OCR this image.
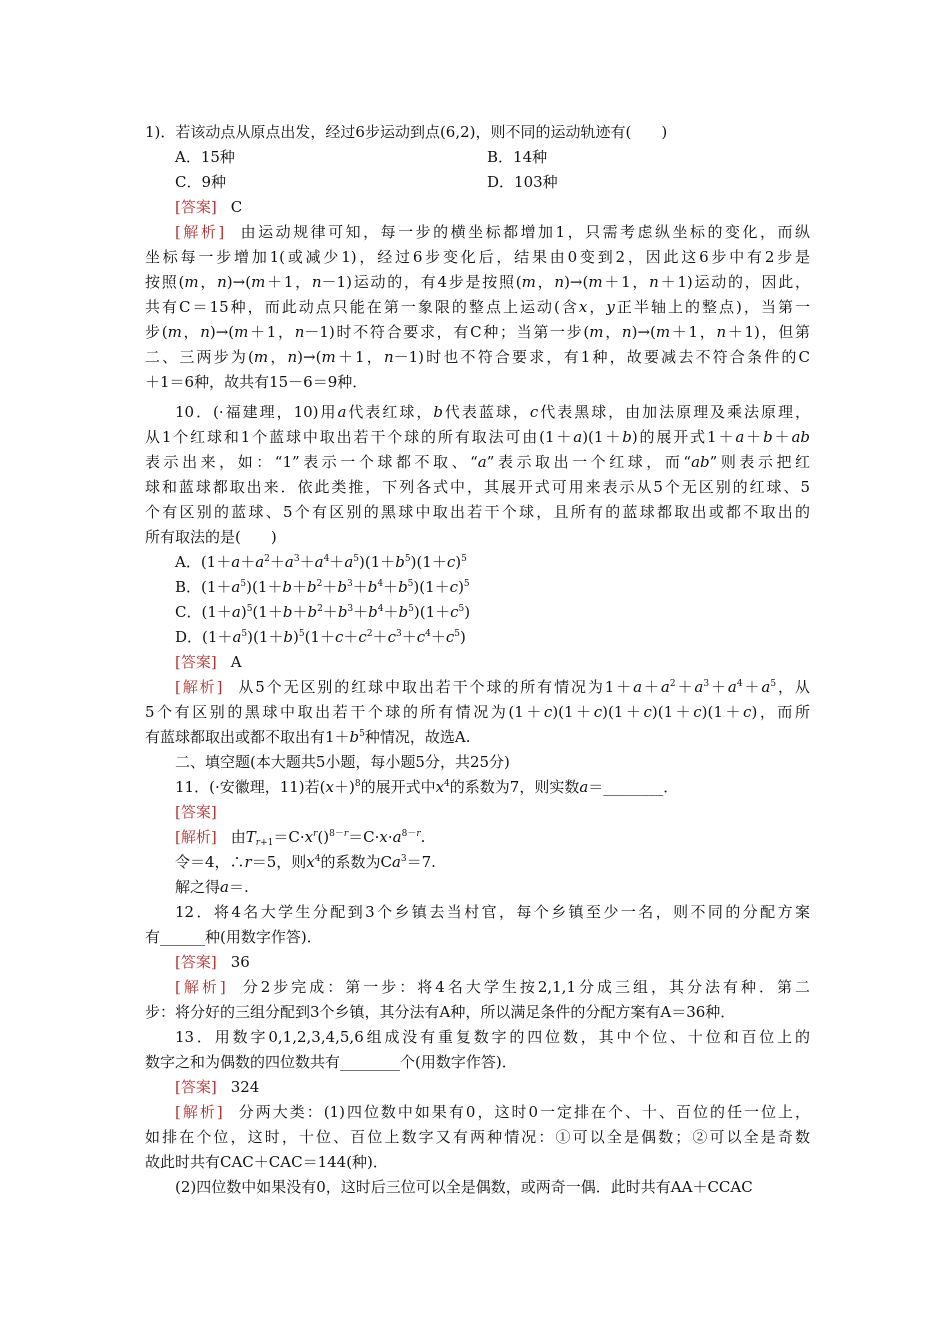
1)．若该动点从原点出发，经过6步运动到点(6,2)，则不同的运动轨迹有(　　)
A．15种	B．14种
C．9种	D．103种
[答案] C
[解析] 由运动规律可知，每一步的横坐标都增加1，只需考虑纵坐标的变化，而纵
坐标每一步增加1(或减少1)，经过6步变化后，结果由0变到2，因此这6步中有2步是
按照(m，n)→(m＋1，n－1)运动的，有4步是按照(m，n)→(m＋1，n＋1)运动的，因此，
共有C＝15种，而此动点只能在第一象限的整点上运动(含x，y正半轴上的整点)，当第一
步(m，n)→(m＋1，n－1)时不符合要求，有C种；当第一步(m，n)→(m＋1，n＋1)，但第
二、三两步为(m，n)→(m＋1，n－1)时也不符合要求，有1种，故要减去不符合条件的C
＋1＝6种，故共有15－6＝9种．
10．(·福建理，10)用a代表红球，b代表蓝球，c代表黑球，由加法原理及乘法原理，
从1个红球和1个蓝球中取出若干个球的所有取法可由(1＋a)(1＋b)的展开式1＋a＋b＋ab
表示出来，如：“1”表示一个球都不取、“a”表示取出一个红球，而“ab”则表示把红
球和蓝球都取出来．依此类推，下列各式中，其展开式可用来表示从5个无区别的红球、5
个有区别的蓝球、5个有区别的黑球中取出若干个球，且所有的蓝球都取出或都不取出的
所有取法的是(　　)
A．$(1+a+a^2+a^3+a^4+a^5)(1+b^5)(1+c)^5$
B．$(1+a^5)(1+b+b^2+b^3+b^4+b^5)(1+c)^5$
C．$(1+a)^5(1+b+b^2+b^3+b^4+b^5)(1+c^5)$
D．$(1+a^5)(1+b)^5(1+c+c^2+c^3+c^4+c^5)$
[答案] A
[解析] 从5个无区别的红球中取出若干个球的所有情况为$1+a+a^2+a^3+a^4+a^5$，从
5个有区别的黑球中取出若干个球的所有情况为(1＋c)(1＋c)(1＋c)(1＋c)(1＋c)，而所
有蓝球都取出或都不取出有$1+b^5$种情况，故选A.
二、填空题(本大题共5小题，每小题5分，共25分)
11．(·安徽理，11)若$(x+)^8$的展开式中$x^4$的系数为7，则实数a＝________．
[答案]
[解析] 由$T_{r+1}=C\cdot x^r()^{8-r}=C\cdot x\cdot a^{8-r}$.
令＝4，∴r＝5，则$x^4$的系数为$Ca^3=7$.
解之得a＝.
12．将4名大学生分配到3个乡镇去当村官，每个乡镇至少一名，则不同的分配方案
有______种(用数字作答)．
[答案] 36
[解析] 分2步完成：第一步：将4名大学生按2,1,1分成三组，其分法有种．第二
步：将分好的三组分配到3个乡镇，其分法有A种，所以满足条件的分配方案有A＝36种．
13．用数字0,1,2,3,4,5,6组成没有重复数字的四位数，其中个位、十位和百位上的
数字之和为偶数的四位数共有________个(用数字作答)．
[答案] 324
[解析] 分两大类：(1)四位数中如果有0，这时0一定排在个、十、百位的任一位上，
如排在个位，这时，十位、百位上数字又有两种情况：①可以全是偶数；②可以全是奇数
故此时共有CAC＋CAC＝144(种)．
(2)四位数中如果没有0，这时后三位可以全是偶数，或两奇一偶．此时共有AA＋CCAC
